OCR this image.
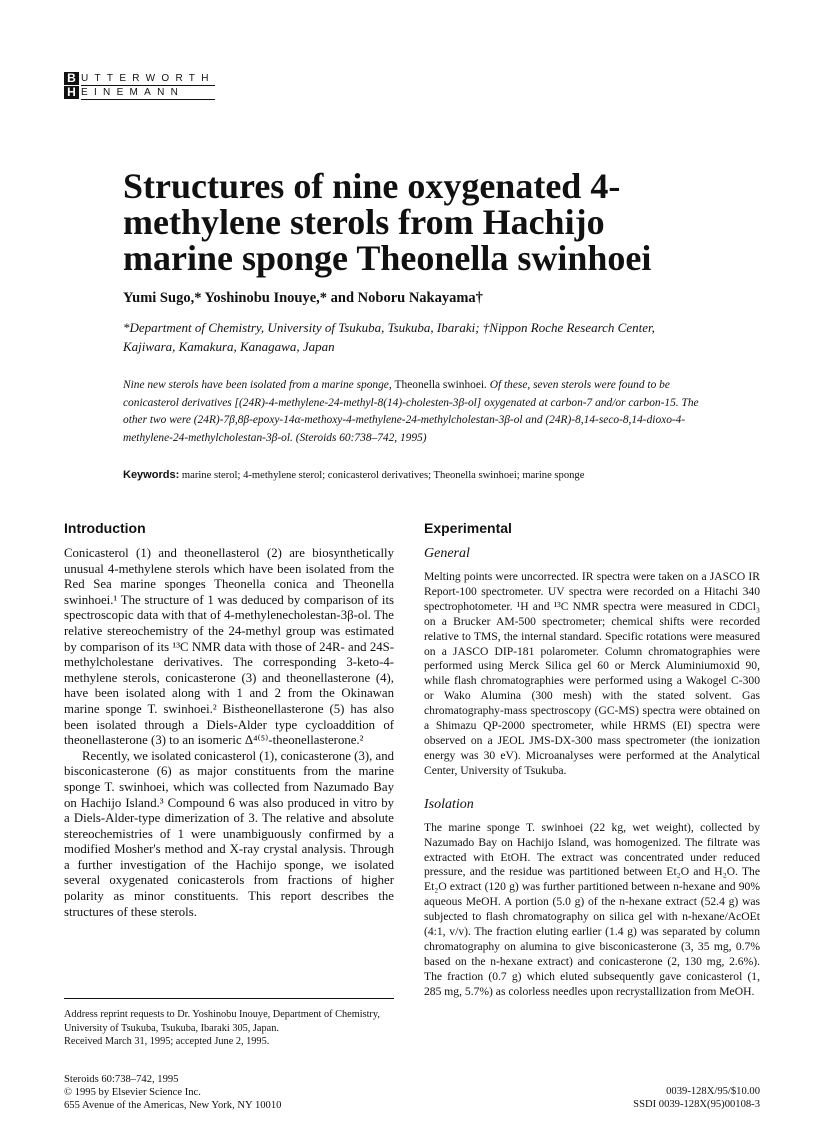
B
H
UTTERWORTH
EINEMANN
Structures of nine oxygenated 4-methylene sterols from Hachijo marine sponge Theonella swinhoei
Yumi Sugo,* Yoshinobu Inouye,* and Noboru Nakayama†
*Department of Chemistry, University of Tsukuba, Tsukuba, Ibaraki; †Nippon Roche Research Center, Kajiwara, Kamakura, Kanagawa, Japan
Nine new sterols have been isolated from a marine sponge, Theonella swinhoei. Of these, seven sterols were found to be conicasterol derivatives [(24R)-4-methylene-24-methyl-8(14)-cholesten-3β-ol] oxygenated at carbon-7 and/or carbon-15. The other two were (24R)-7β,8β-epoxy-14α-methoxy-4-methylene-24-methylcholestan-3β-ol and (24R)-8,14-seco-8,14-dioxo-4-methylene-24-methylcholestan-3β-ol. (Steroids 60:738–742, 1995)
Keywords: marine sterol; 4-methylene sterol; conicasterol derivatives; Theonella swinhoei; marine sponge
Introduction

Conicasterol (1) and theonellasterol (2) are biosynthetically unusual 4-methylene sterols which have been isolated from the Red Sea marine sponges Theonella conica and Theonella swinhoei.¹ The structure of 1 was deduced by comparison of its spectroscopic data with that of 4-methylenecholestan-3β-ol. The relative stereochemistry of the 24-methyl group was estimated by comparison of its ¹³C NMR data with those of 24R- and 24S-methylcholestane derivatives. The corresponding 3-keto-4-methylene sterols, conicasterone (3) and theonellasterone (4), have been isolated along with 1 and 2 from the Okinawan marine sponge T. swinhoei.² Bistheonellasterone (5) has also been isolated through a Diels-Alder type cycloaddition of theonellasterone (3) to an isomeric Δ⁴⁽⁵⁾-theonellasterone.²

Recently, we isolated conicasterol (1), conicasterone (3), and bisconicasterone (6) as major constituents from the marine sponge T. swinhoei, which was collected from Nazumado Bay on Hachijo Island.³ Compound 6 was also produced in vitro by a Diels-Alder-type dimerization of 3. The relative and absolute stereochemistries of 1 were unambiguously confirmed by a modified Mosher's method and X-ray crystal analysis. Through a further investigation of the Hachijo sponge, we isolated several oxygenated conicasterols from fractions of higher polarity as minor constituents. This report describes the structures of these sterols.

Experimental
General

Melting points were uncorrected. IR spectra were taken on a JASCO IR Report-100 spectrometer. UV spectra were recorded on a Hitachi 340 spectrophotometer. ¹H and ¹³C NMR spectra were measured in CDCl₃ on a Brucker AM-500 spectrometer; chemical shifts were recorded relative to TMS, the internal standard. Specific rotations were measured on a JASCO DIP-181 polarometer. Column chromatographies were performed using Merck Silica gel 60 or Merck Aluminiumoxid 90, while flash chromatographies were performed using a Wakogel C-300 or Wako Alumina (300 mesh) with the stated solvent. Gas chromatography-mass spectroscopy (GC-MS) spectra were obtained on a Shimazu QP-2000 spectrometer, while HRMS (EI) spectra were observed on a JEOL JMS-DX-300 mass spectrometer (the ionization energy was 30 eV). Microanalyses were performed at the Analytical Center, University of Tsukuba.

Isolation

The marine sponge T. swinhoei (22 kg, wet weight), collected by Nazumado Bay on Hachijo Island, was homogenized. The filtrate was extracted with EtOH. The extract was concentrated under reduced pressure, and the residue was partitioned between Et₂O and H₂O. The Et₂O extract (120 g) was further partitioned between n-hexane and 90% aqueous MeOH. A portion (5.0 g) of the n-hexane extract (52.4 g) was subjected to flash chromatography on silica gel with n-hexane/AcOEt (4:1, v/v). The fraction eluting earlier (1.4 g) was separated by column chromatography on alumina to give bisconicasterone (3, 35 mg, 0.7% based on the n-hexane extract) and conicasterone (2, 130 mg, 2.6%). The fraction (0.7 g) which eluted subsequently gave conicasterol (1, 285 mg, 5.7%) as colorless needles upon recrystallization from MeOH.

Address reprint requests to Dr. Yoshinobu Inouye, Department of Chemistry, University of Tsukuba, Tsukuba, Ibaraki 305, Japan.
Received March 31, 1995; accepted June 2, 1995.
Steroids 60:738–742, 1995
© 1995 by Elsevier Science Inc.
655 Avenue of the Americas, New York, NY 10010
0039-128X/95/$10.00
SSDI 0039-128X(95)00108-3
